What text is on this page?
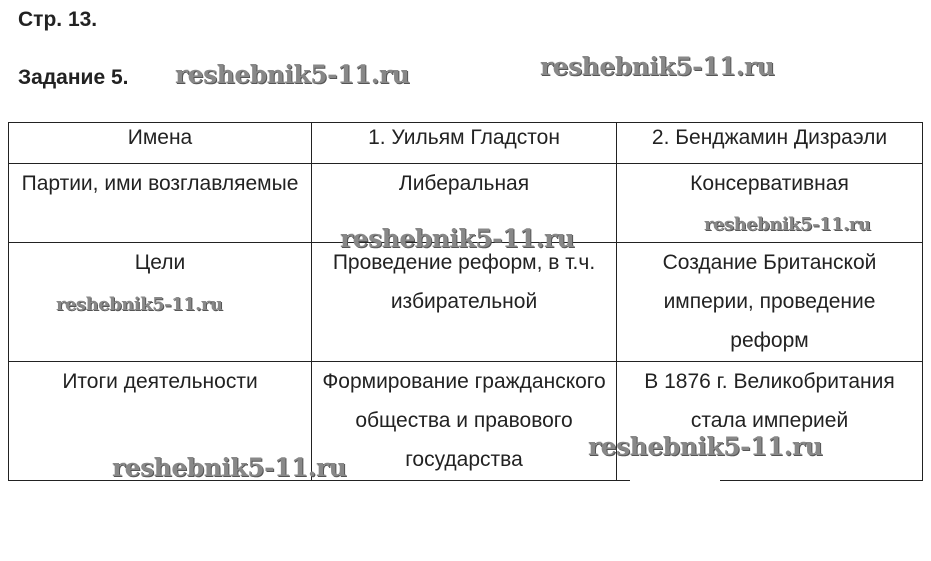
Стр. 13.
Задание 5.
Имена	1. Уильям Гладстон	2. Бенджамин Дизраэли
Партии, ими возглавляемые	Либеральная	Консервативная
Цели	Проведение реформ, в т.ч. избирательной	Создание Британской империи, проведение реформ
Итоги деятельности	Формирование гражданского общества и правового государства	В 1876 г. Великобритания стала империей
reshebnik5-11.ru	reshebnik5-11.ru
reshebnik5-11.ru	reshebnik5-11.ru
reshebnik5-11.ru
reshebnik5-11.ru
reshebnik5-11.ru
